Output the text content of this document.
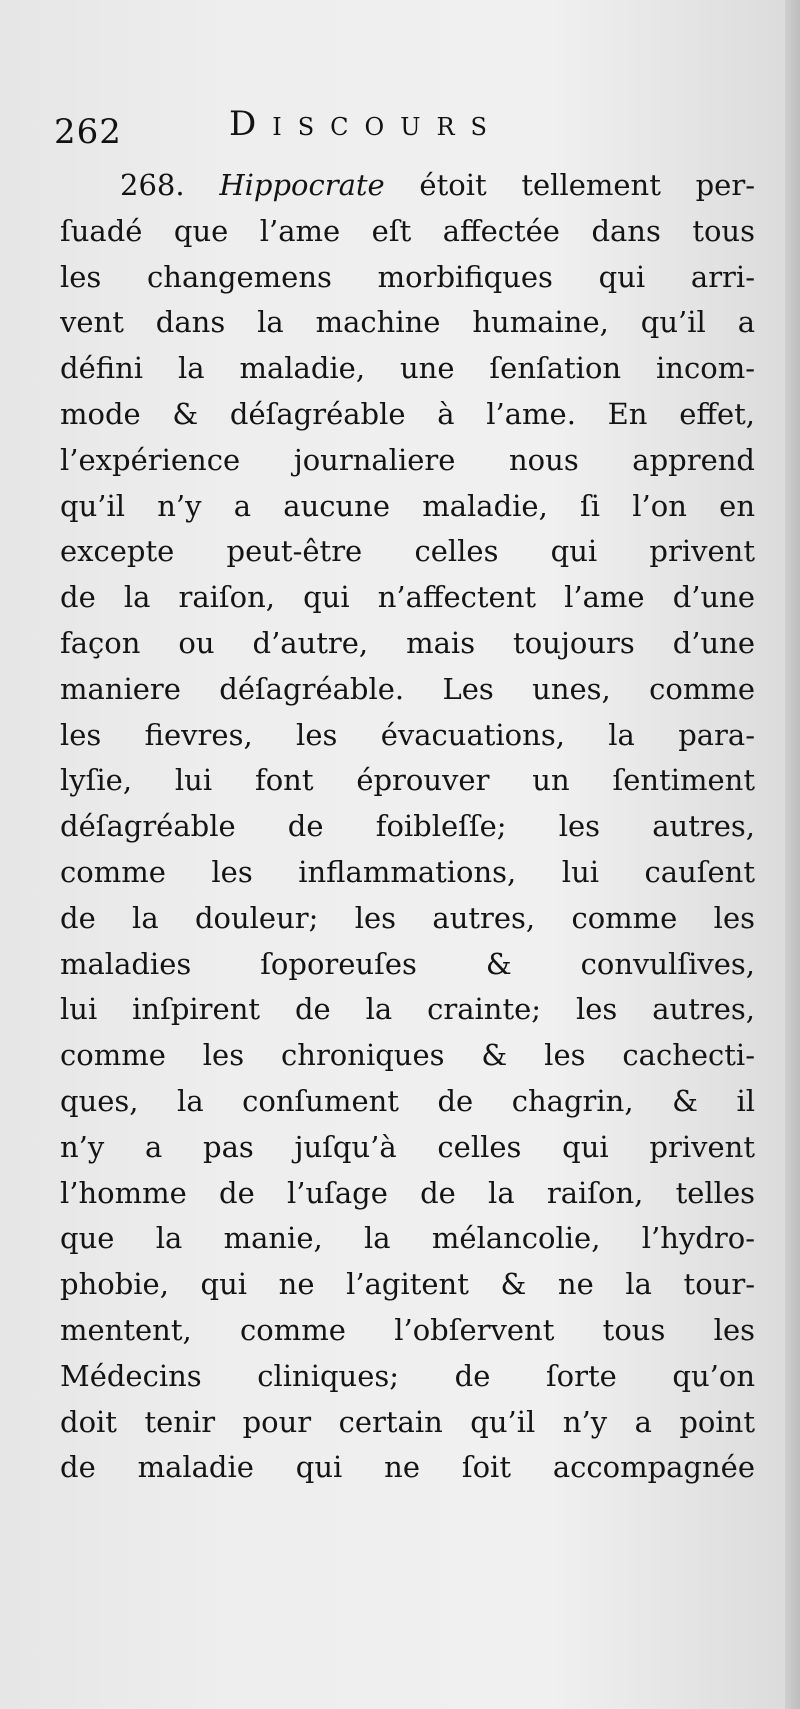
262	Discours
268. Hippocrate étoit tellement per-
ſuadé que l’ame eſt affectée dans tous
les changemens morbifiques qui arri-
vent dans la machine humaine, qu’il a
défini la maladie, une ſenſation incom-
mode & déſagréable à l’ame. En effet,
l’expérience journaliere nous apprend
qu’il n’y a aucune maladie, ſi l’on en
excepte peut-être celles qui privent
de la raiſon, qui n’affectent l’ame d’une
façon ou d’autre, mais toujours d’une
maniere déſagréable. Les unes, comme
les fievres, les évacuations, la para-
lyſie, lui font éprouver un ſentiment
déſagréable de foibleſſe; les autres,
comme les inflammations, lui cauſent
de la douleur; les autres, comme les
maladies ſoporeuſes & convulſives,
lui inſpirent de la crainte; les autres,
comme les chroniques & les cachecti-
ques, la conſument de chagrin, & il
n’y a pas juſqu’à celles qui privent
l’homme de l’uſage de la raiſon, telles
que la manie, la mélancolie, l’hydro-
phobie, qui ne l’agitent & ne la tour-
mentent, comme l’obſervent tous les
Médecins cliniques; de ſorte qu’on
doit tenir pour certain qu’il n’y a point
de maladie qui ne ſoit accompagnée
